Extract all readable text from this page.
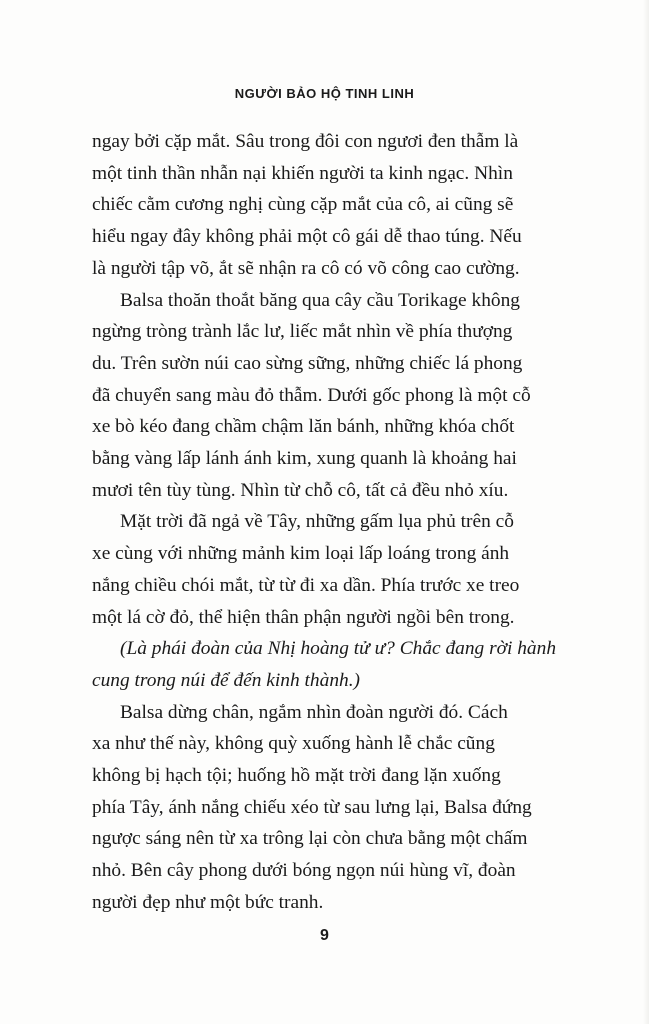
NGƯỜI BẢO HỘ TINH LINH

ngay bởi cặp mắt. Sâu trong đôi con ngươi đen thẫm là
một tinh thần nhẫn nại khiến người ta kinh ngạc. Nhìn
chiếc cằm cương nghị cùng cặp mắt của cô, ai cũng sẽ
hiểu ngay đây không phải một cô gái dễ thao túng. Nếu
là người tập võ, ắt sẽ nhận ra cô có võ công cao cường.

Balsa thoăn thoắt băng qua cây cầu Torikage không
ngừng tròng trành lắc lư, liếc mắt nhìn về phía thượng
du. Trên sườn núi cao sừng sững, những chiếc lá phong
đã chuyển sang màu đỏ thẫm. Dưới gốc phong là một cỗ
xe bò kéo đang chầm chậm lăn bánh, những khóa chốt
bằng vàng lấp lánh ánh kim, xung quanh là khoảng hai
mươi tên tùy tùng. Nhìn từ chỗ cô, tất cả đều nhỏ xíu.

Mặt trời đã ngả về Tây, những gấm lụa phủ trên cỗ
xe cùng với những mảnh kim loại lấp loáng trong ánh
nắng chiều chói mắt, từ từ đi xa dần. Phía trước xe treo
một lá cờ đỏ, thể hiện thân phận người ngồi bên trong.

(Là phái đoàn của Nhị hoàng tử ư? Chắc đang rời hành
cung trong núi để đến kinh thành.)

Balsa dừng chân, ngắm nhìn đoàn người đó. Cách
xa như thế này, không quỳ xuống hành lễ chắc cũng
không bị hạch tội; huống hồ mặt trời đang lặn xuống
phía Tây, ánh nắng chiếu xéo từ sau lưng lại, Balsa đứng
ngược sáng nên từ xa trông lại còn chưa bằng một chấm
nhỏ. Bên cây phong dưới bóng ngọn núi hùng vĩ, đoàn
người đẹp như một bức tranh.

9
